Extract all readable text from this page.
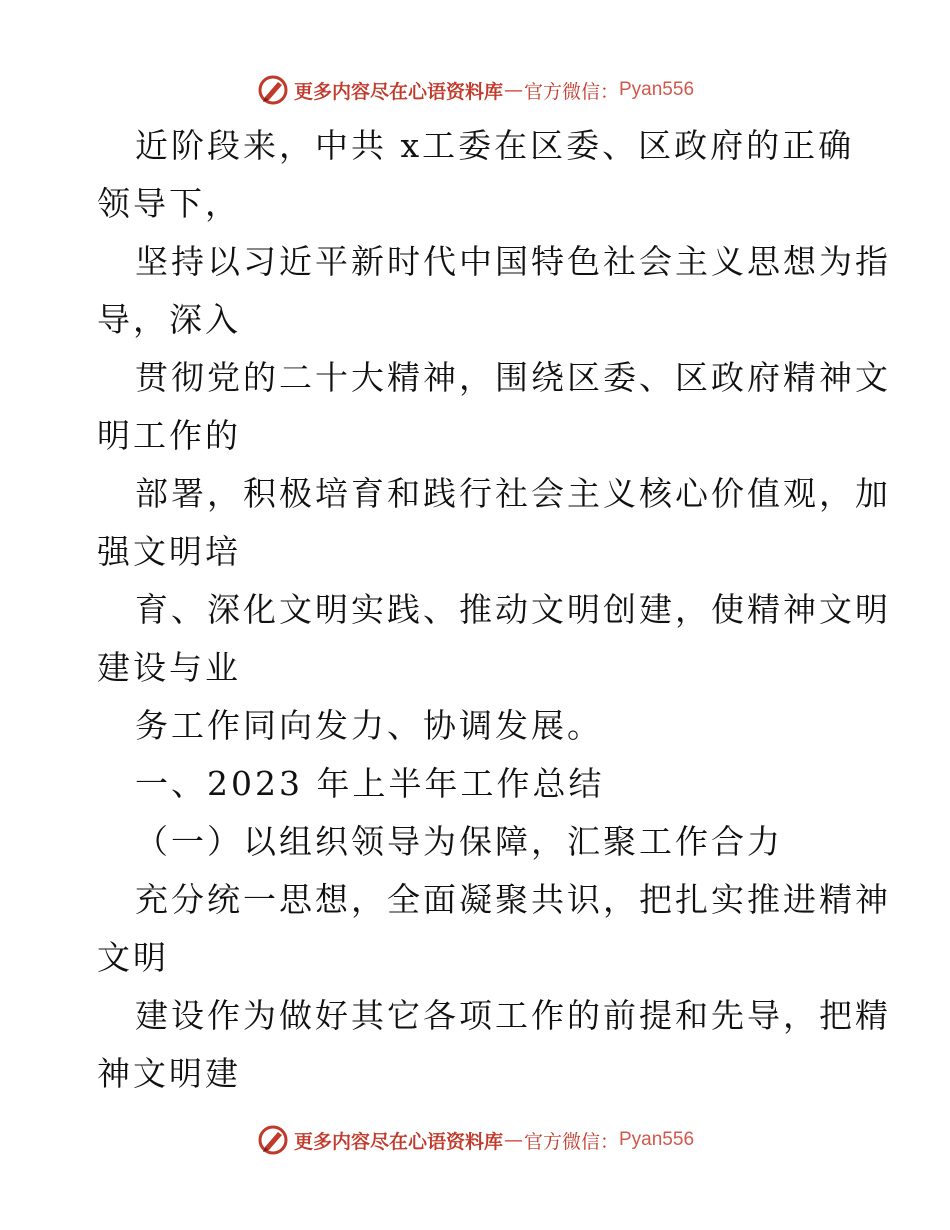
更多内容尽在心语资料库 — 官方微信： Pyan556
近阶段来，中共 x工委在区委、区政府的正确
领导下，
坚持以习近平新时代中国特色社会主义思想为指
导，深入
贯彻党的二十大精神，围绕区委、区政府精神文
明工作的
部署，积极培育和践行社会主义核心价值观，加
强文明培
育、深化文明实践、推动文明创建，使精神文明
建设与业
务工作同向发力、协调发展。
一、2023 年上半年工作总结
（一）以组织领导为保障，汇聚工作合力
充分统一思想，全面凝聚共识，把扎实推进精神
文明
建设作为做好其它各项工作的前提和先导，把精
神文明建
更多内容尽在心语资料库 — 官方微信： Pyan556
